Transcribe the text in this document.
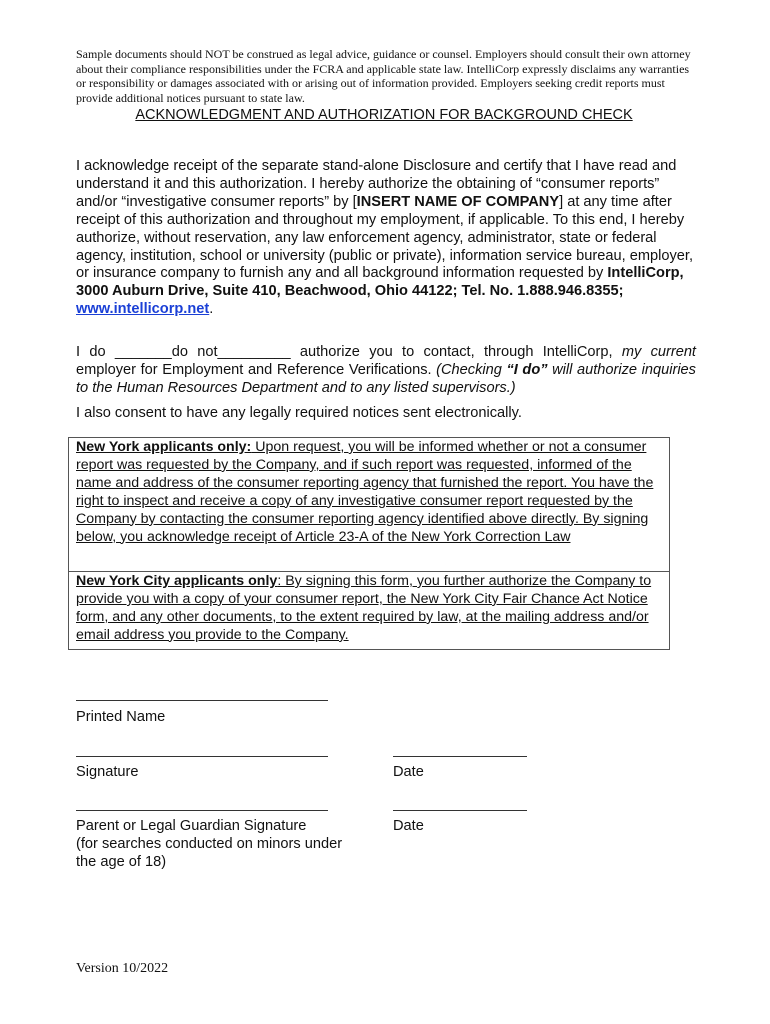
Sample documents should NOT be construed as legal advice, guidance or counsel. Employers should consult their own attorney about their compliance responsibilities under the FCRA and applicable state law. IntelliCorp expressly disclaims any warranties or responsibility or damages associated with or arising out of information provided. Employers seeking credit reports must provide additional notices pursuant to state law.
ACKNOWLEDGMENT AND AUTHORIZATION FOR BACKGROUND CHECK
I acknowledge receipt of the separate stand-alone Disclosure and certify that I have read and understand it and this authorization. I hereby authorize the obtaining of “consumer reports” and/or “investigative consumer reports” by [INSERT NAME OF COMPANY] at any time after receipt of this authorization and throughout my employment, if applicable. To this end, I hereby authorize, without reservation, any law enforcement agency, administrator, state or federal agency, institution, school or university (public or private), information service bureau, employer, or insurance company to furnish any and all background information requested by IntelliCorp, 3000 Auburn Drive, Suite 410, Beachwood, Ohio 44122; Tel. No. 1.888.946.8355; www.intellicorp.net.
I do _______do not_________ authorize you to contact, through IntelliCorp, my current employer for Employment and Reference Verifications. (Checking “I do” will authorize inquiries to the Human Resources Department and to any listed supervisors.)
I also consent to have any legally required notices sent electronically.
New York applicants only: Upon request, you will be informed whether or not a consumer report was requested by the Company, and if such report was requested, informed of the name and address of the consumer reporting agency that furnished the report. You have the right to inspect and receive a copy of any investigative consumer report requested by the Company by contacting the consumer reporting agency identified above directly. By signing below, you acknowledge receipt of Article 23-A of the New York Correction Law
New York City applicants only: By signing this form, you further authorize the Company to provide you with a copy of your consumer report, the New York City Fair Chance Act Notice form, and any other documents, to the extent required by law, at the mailing address and/or email address you provide to the Company.
Printed Name
Signature	Date
Parent or Legal Guardian Signature
(for searches conducted on minors under the age of 18)
Date
Version 10/2022
